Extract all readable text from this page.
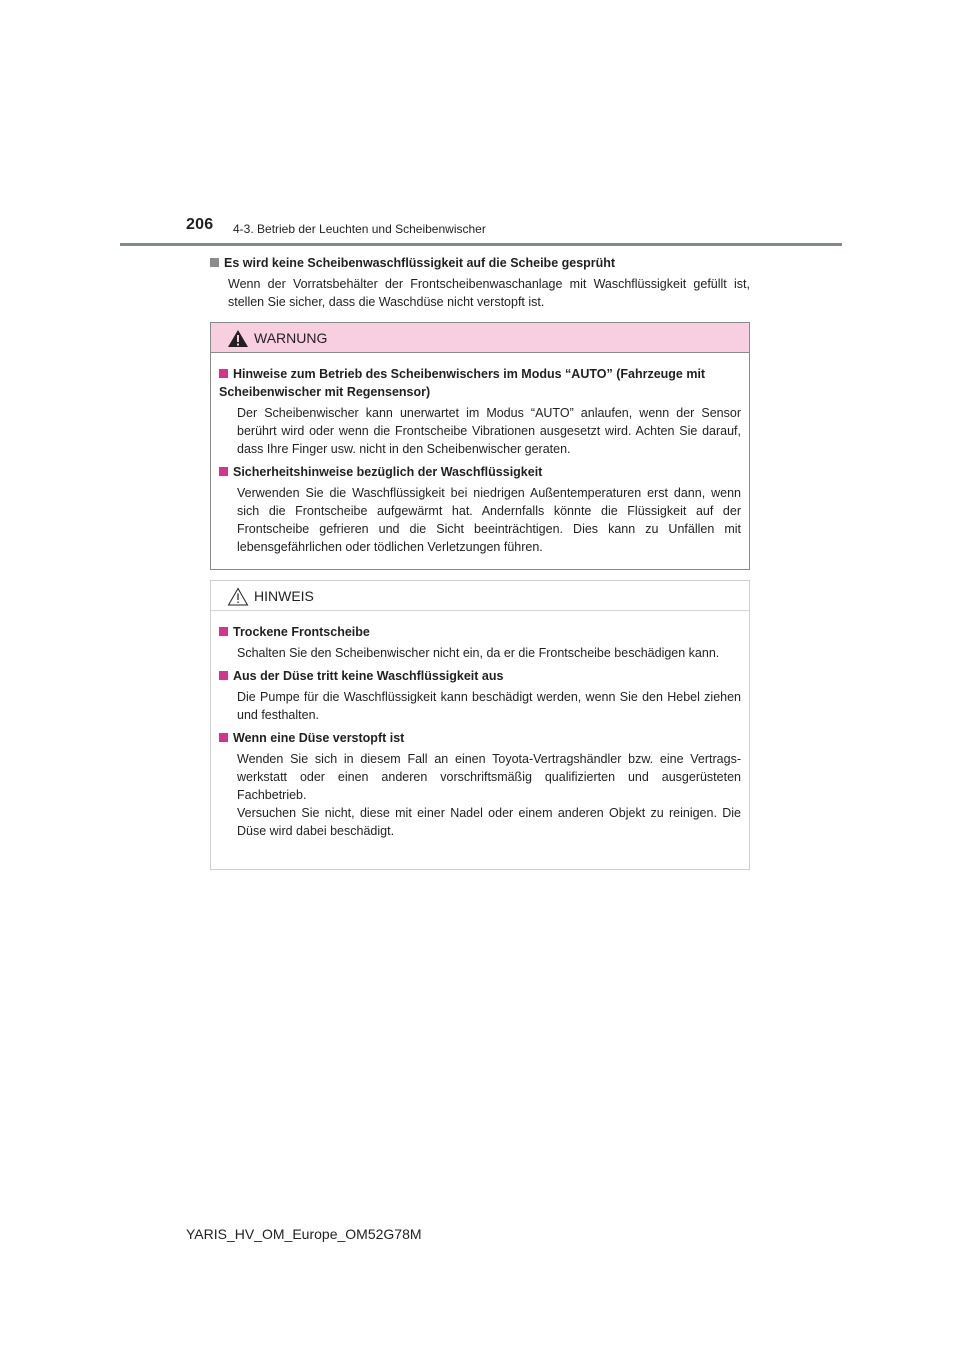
206 4-3. Betrieb der Leuchten und Scheibenwischer
Es wird keine Scheibenwaschflüssigkeit auf die Scheibe gesprüht
Wenn der Vorratsbehälter der Frontscheibenwaschanlage mit Waschflüssigkeit gefüllt ist, stellen Sie sicher, dass die Waschdüse nicht verstopft ist.
WARNUNG
Hinweise zum Betrieb des Scheibenwischers im Modus “AUTO” (Fahrzeuge mit Scheibenwischer mit Regensensor)
Der Scheibenwischer kann unerwartet im Modus “AUTO” anlaufen, wenn der Sensor berührt wird oder wenn die Frontscheibe Vibrationen ausgesetzt wird. Achten Sie darauf, dass Ihre Finger usw. nicht in den Scheibenwischer geraten.
Sicherheitshinweise bezüglich der Waschflüssigkeit
Verwenden Sie die Waschflüssigkeit bei niedrigen Außentemperaturen erst dann, wenn sich die Frontscheibe aufgewärmt hat. Andernfalls könnte die Flüssigkeit auf der Frontscheibe gefrieren und die Sicht beeinträchtigen. Dies kann zu Unfällen mit lebensgefährlichen oder tödlichen Verletzungen führen.
HINWEIS
Trockene Frontscheibe
Schalten Sie den Scheibenwischer nicht ein, da er die Frontscheibe beschädigen kann.
Aus der Düse tritt keine Waschflüssigkeit aus
Die Pumpe für die Waschflüssigkeit kann beschädigt werden, wenn Sie den Hebel ziehen und festhalten.
Wenn eine Düse verstopft ist
Wenden Sie sich in diesem Fall an einen Toyota-Vertragshändler bzw. eine Vertrags-werkstatt oder einen anderen vorschriftsmäßig qualifizierten und ausgerüsteten Fachbetrieb.
Versuchen Sie nicht, diese mit einer Nadel oder einem anderen Objekt zu reinigen. Die Düse wird dabei beschädigt.
YARIS_HV_OM_Europe_OM52G78M
